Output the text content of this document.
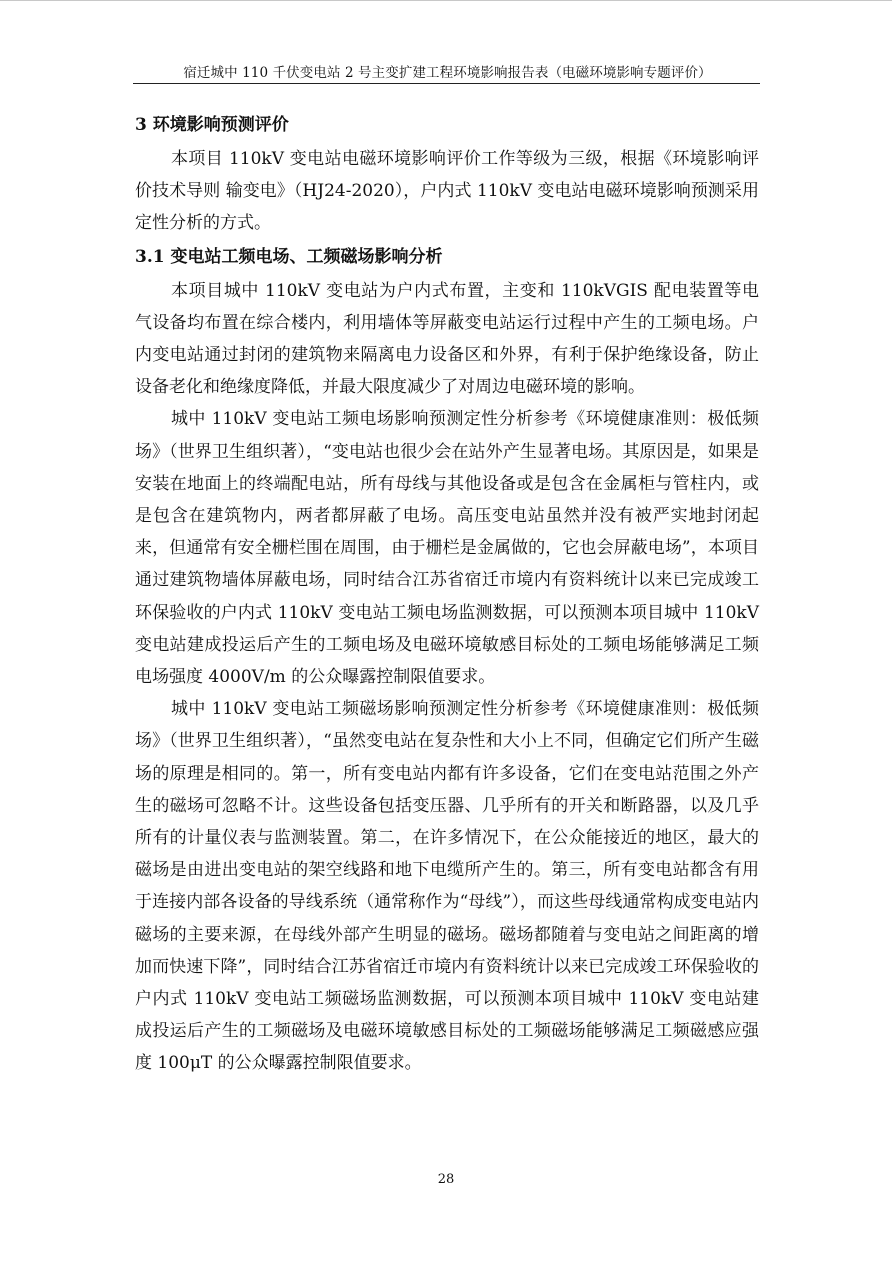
宿迁城中 110 千伏变电站 2 号主变扩建工程环境影响报告表（电磁环境影响专题评价）
3 环境影响预测评价

本项目 110kV 变电站电磁环境影响评价工作等级为三级，根据《环境影响评价技术导则 输变电》（HJ24-2020），户内式 110kV 变电站电磁环境影响预测采用定性分析的方式。

3.1 变电站工频电场、工频磁场影响分析

本项目城中 110kV 变电站为户内式布置，主变和 110kVGIS 配电装置等电气设备均布置在综合楼内，利用墙体等屏蔽变电站运行过程中产生的工频电场。户内变电站通过封闭的建筑物来隔离电力设备区和外界，有利于保护绝缘设备，防止设备老化和绝缘度降低，并最大限度减少了对周边电磁环境的影响。

城中 110kV 变电站工频电场影响预测定性分析参考《环境健康准则：极低频场》（世界卫生组织著），“变电站也很少会在站外产生显著电场。其原因是，如果是安装在地面上的终端配电站，所有母线与其他设备或是包含在金属柜与管柱内，或是包含在建筑物内，两者都屏蔽了电场。高压变电站虽然并没有被严实地封闭起来，但通常有安全栅栏围在周围，由于栅栏是金属做的，它也会屏蔽电场”，本项目通过建筑物墙体屏蔽电场，同时结合江苏省宿迁市境内有资料统计以来已完成竣工环保验收的户内式 110kV 变电站工频电场监测数据，可以预测本项目城中 110kV 变电站建成投运后产生的工频电场及电磁环境敏感目标处的工频电场能够满足工频电场强度 4000V/m 的公众曝露控制限值要求。

城中 110kV 变电站工频磁场影响预测定性分析参考《环境健康准则：极低频场》（世界卫生组织著），“虽然变电站在复杂性和大小上不同，但确定它们所产生磁场的原理是相同的。第一，所有变电站内都有许多设备，它们在变电站范围之外产生的磁场可忽略不计。这些设备包括变压器、几乎所有的开关和断路器，以及几乎所有的计量仪表与监测装置。第二，在许多情况下，在公众能接近的地区，最大的磁场是由进出变电站的架空线路和地下电缆所产生的。第三，所有变电站都含有用于连接内部各设备的导线系统（通常称作为“母线”），而这些母线通常构成变电站内磁场的主要来源，在母线外部产生明显的磁场。磁场都随着与变电站之间距离的增加而快速下降”，同时结合江苏省宿迁市境内有资料统计以来已完成竣工环保验收的户内式 110kV 变电站工频磁场监测数据，可以预测本项目城中 110kV 变电站建成投运后产生的工频磁场及电磁环境敏感目标处的工频磁场能够满足工频磁感应强度 100μT 的公众曝露控制限值要求。

28
